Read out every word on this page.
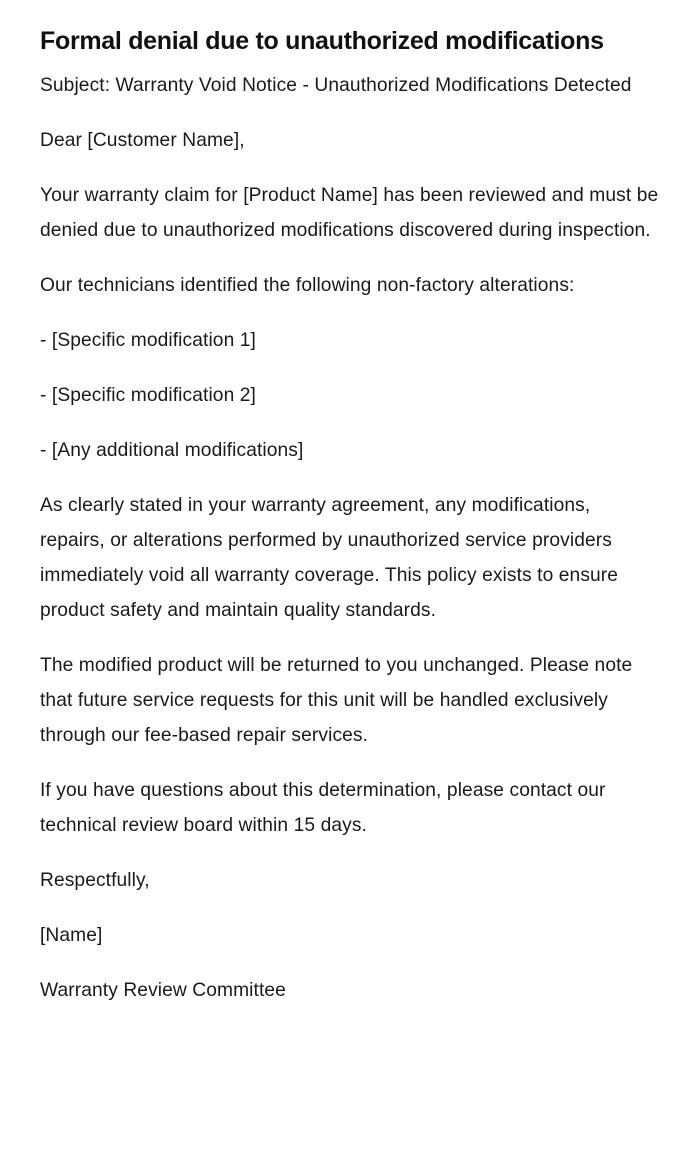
Formal denial due to unauthorized modifications

Subject: Warranty Void Notice - Unauthorized Modifications Detected

Dear [Customer Name],

Your warranty claim for [Product Name] has been reviewed and must be denied due to unauthorized modifications discovered during inspection.

Our technicians identified the following non-factory alterations:

- [Specific modification 1]

- [Specific modification 2]

- [Any additional modifications]

As clearly stated in your warranty agreement, any modifications, repairs, or alterations performed by unauthorized service providers immediately void all warranty coverage. This policy exists to ensure product safety and maintain quality standards.

The modified product will be returned to you unchanged. Please note that future service requests for this unit will be handled exclusively through our fee-based repair services.

If you have questions about this determination, please contact our technical review board within 15 days.

Respectfully,

[Name]

Warranty Review Committee
